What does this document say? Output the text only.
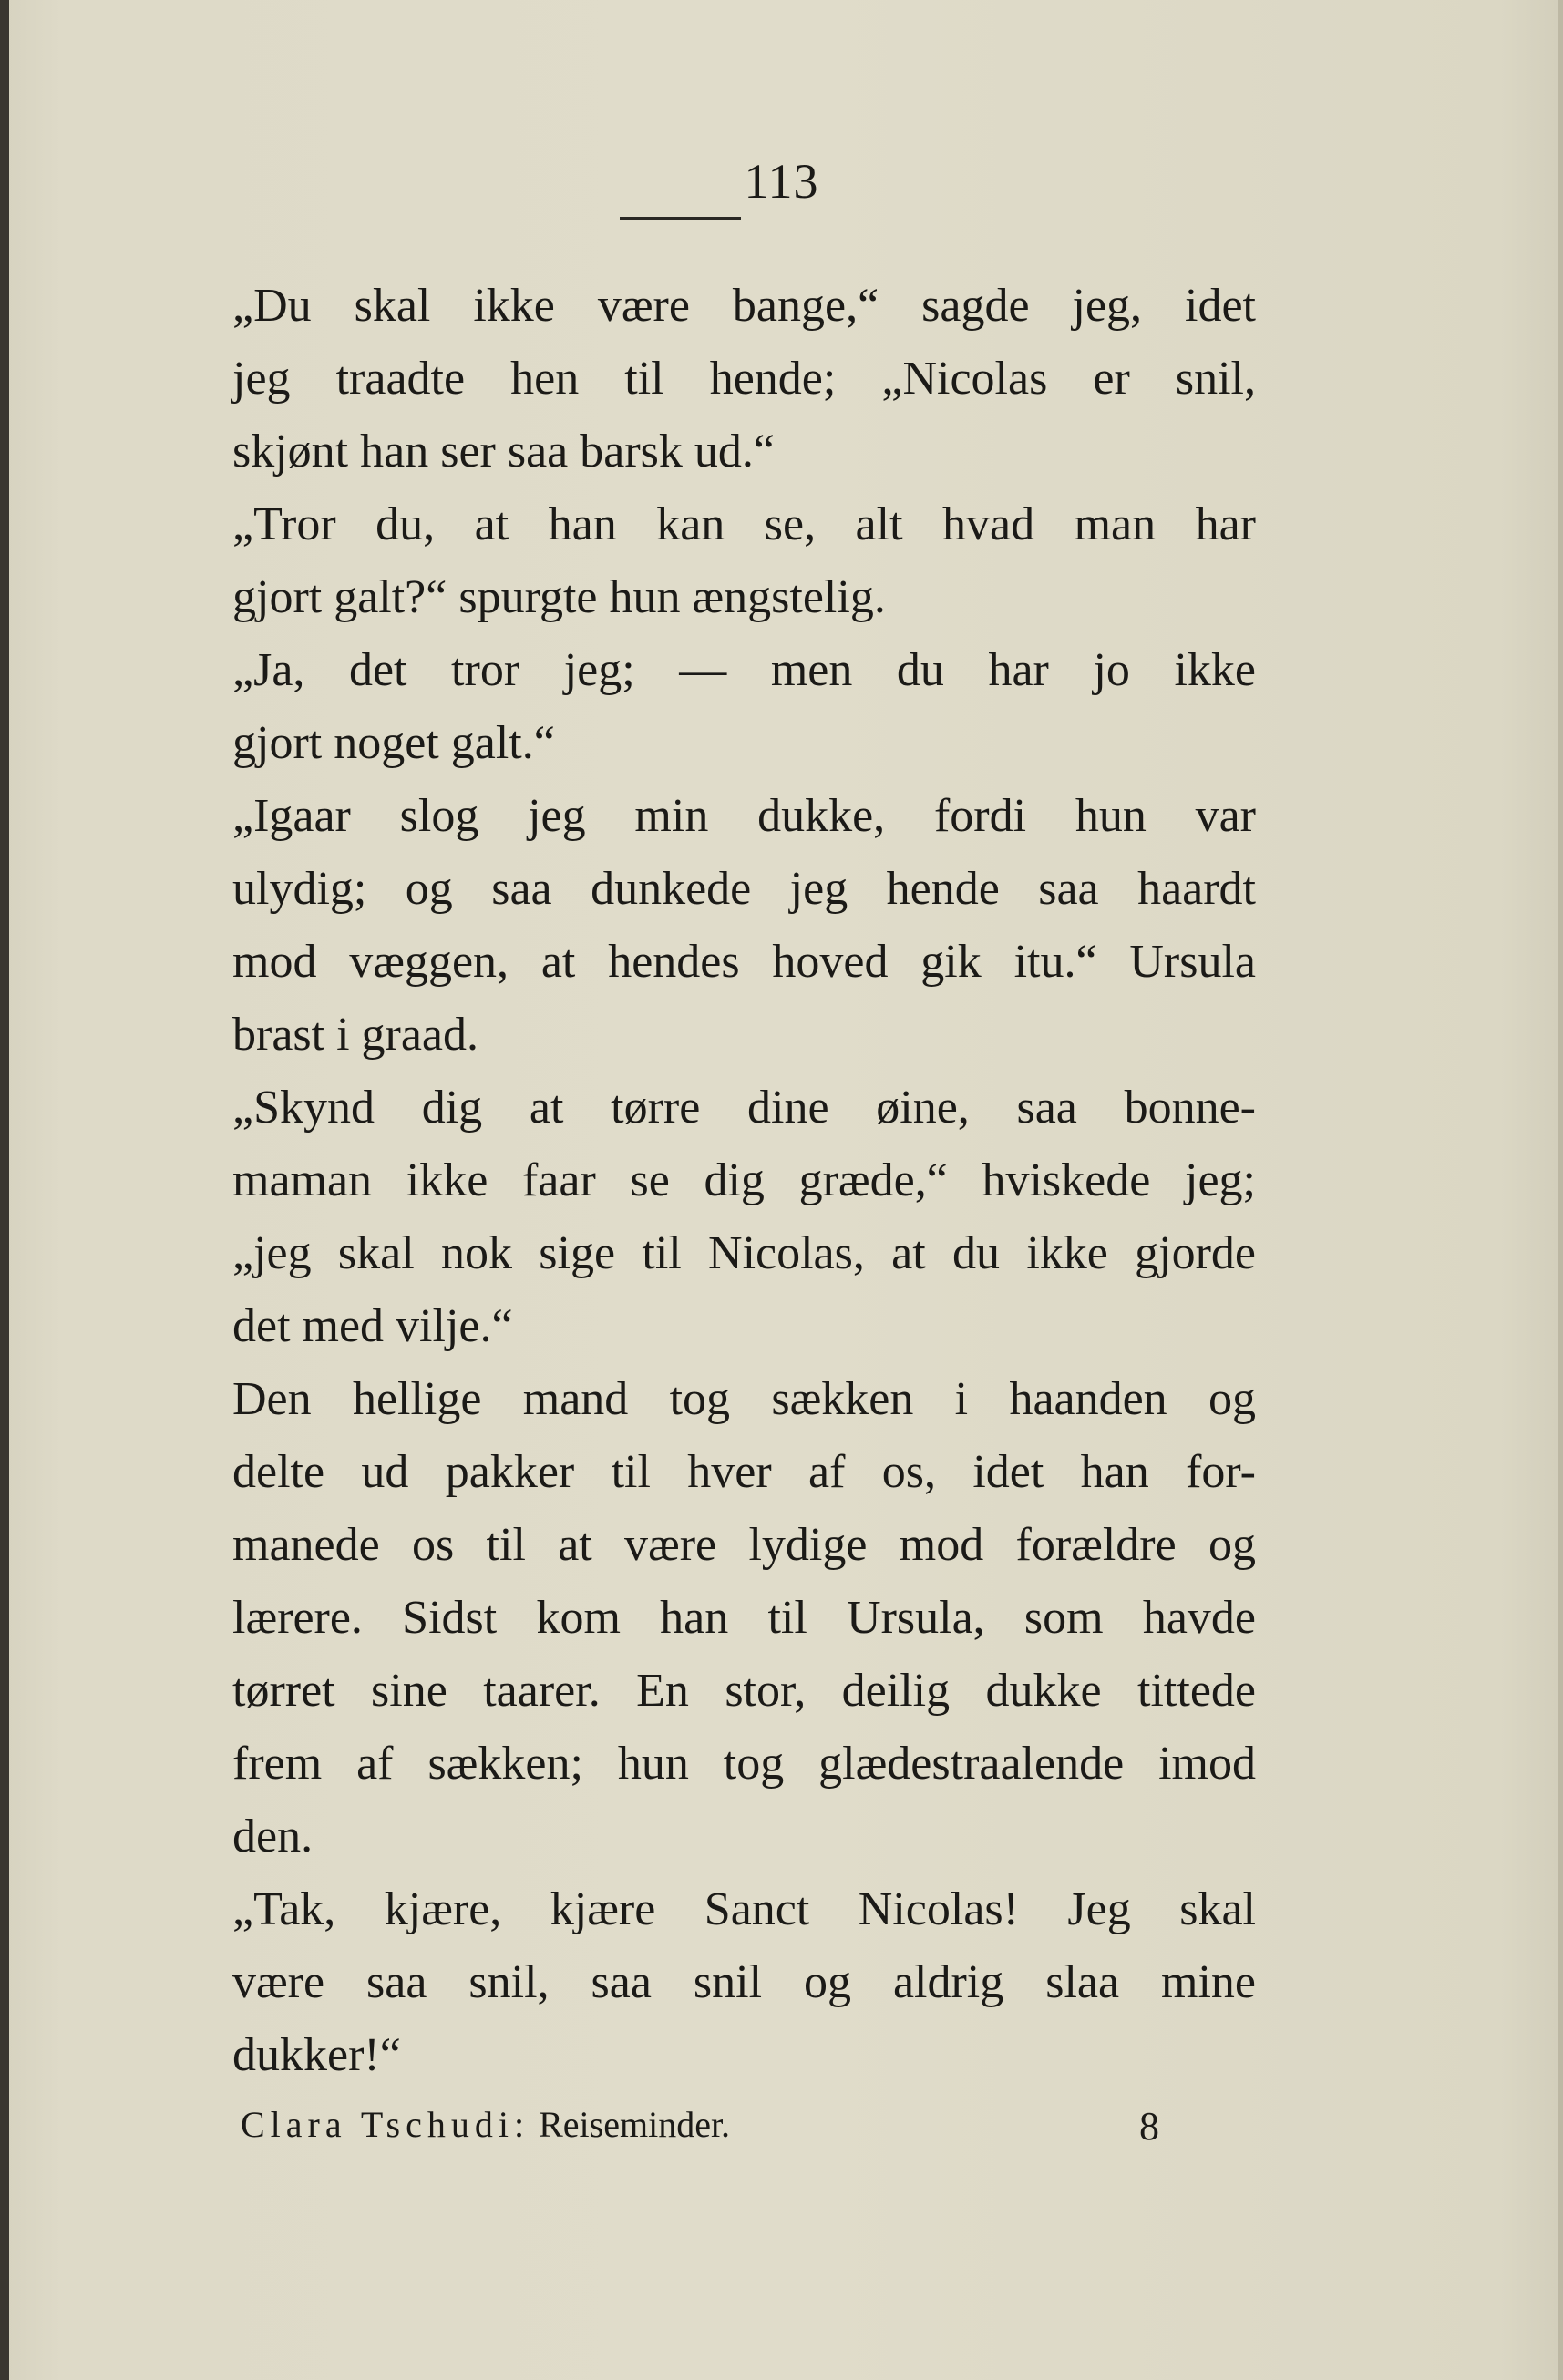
113

„Du skal ikke være bange,“ sagde jeg, idet
jeg traadte hen til hende; „Nicolas er snil,
skjønt han ser saa barsk ud.“

„Tror du, at han kan se, alt hvad man har
gjort galt?“ spurgte hun ængstelig.

„Ja, det tror jeg; — men du har jo ikke
gjort noget galt.“

„Igaar slog jeg min dukke, fordi hun var
ulydig; og saa dunkede jeg hende saa haardt
mod væggen, at hendes hoved gik itu.“ Ursula
brast i graad.

„Skynd dig at tørre dine øine, saa bonne-
maman ikke faar se dig græde,“ hviskede jeg;
„jeg skal nok sige til Nicolas, at du ikke gjorde
det med vilje.“

Den hellige mand tog sækken i haanden og
delte ud pakker til hver af os, idet han for-
manede os til at være lydige mod forældre og
lærere. Sidst kom han til Ursula, som havde
tørret sine taarer. En stor, deilig dukke tittede
frem af sækken; hun tog glædestraalende imod
den.

„Tak, kjære, kjære Sanct Nicolas! Jeg skal
være saa snil, saa snil og aldrig slaa mine
dukker!“

Clara Tschudi: Reiseminder.	8
